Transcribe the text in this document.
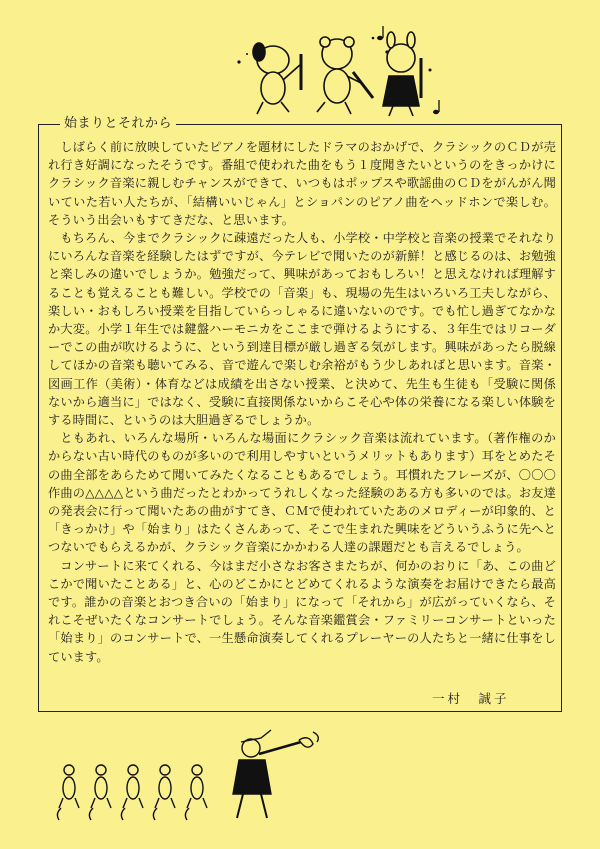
始まりとそれから

しばらく前に放映していたピアノを題材にしたドラマのおかげで、クラシックのＣＤが売れ行き好調になったそうです。番組で使われた曲をもう１度聞きたいというのをきっかけにクラシック音楽に親しむチャンスができて、いつもはポップスや歌謡曲のＣＤをがんがん聞いていた若い人たちが、「結構いいじゃん」とショパンのピアノ曲をヘッドホンで楽しむ。そういう出会いもすてきだな、と思います。

もちろん、今までクラシックに疎遠だった人も、小学校・中学校と音楽の授業でそれなりにいろんな音楽を経験したはずですが、今テレビで聞いたのが新鮮！と感じるのは、お勉強と楽しみの違いでしょうか。勉強だって、興味があっておもしろい！と思えなければ理解することも覚えることも難しい。学校での「音楽」も、現場の先生はいろいろ工夫しながら、楽しい・おもしろい授業を目指していらっしゃるに違いないのです。でも忙し過ぎてなかなか大変。小学１年生では鍵盤ハーモニカをここまで弾けるようにする、３年生ではリコーダーでこの曲が吹けるように、という到達目標が厳し過ぎる気がします。興味があったら脱線してほかの音楽も聴いてみる、音で遊んで楽しむ余裕がもう少しあればと思います。音楽・図画工作（美術）・体育などは成績を出さない授業、と決めて、先生も生徒も「受験に関係ないから適当に」ではなく、受験に直接関係ないからこそ心や体の栄養になる楽しい体験をする時間に、というのは大胆過ぎるでしょうか。

ともあれ、いろんな場所・いろんな場面にクラシック音楽は流れています。（著作権のかからない古い時代のものが多いので利用しやすいというメリットもあります）耳をとめたその曲全部をあらためて聞いてみたくなることもあるでしょう。耳慣れたフレーズが、〇〇〇作曲の△△△△という曲だったとわかってうれしくなった経験のある方も多いのでは。お友達の発表会に行って聞いたあの曲がすてき、ＣＭで使われていたあのメロディーが印象的、と「きっかけ」や「始まり」はたくさんあって、そこで生まれた興味をどういうふうに先へとつないでもらえるかが、クラシック音楽にかかわる人達の課題だとも言えるでしょう。

コンサートに来てくれる、今はまだ小さなお客さまたちが、何かのおりに「あ、この曲どこかで聞いたことある」と、心のどこかにとどめてくれるような演奏をお届けできたら最高です。誰かの音楽とおつき合いの「始まり」になって「それから」が広がっていくなら、それこそぜいたくなコンサートでしょう。そんな音楽鑑賞会・ファミリーコンサートといった「始まり」のコンサートで、一生懸命演奏してくれるプレーヤーの人たちと一緒に仕事をしています。

一村　誠子
